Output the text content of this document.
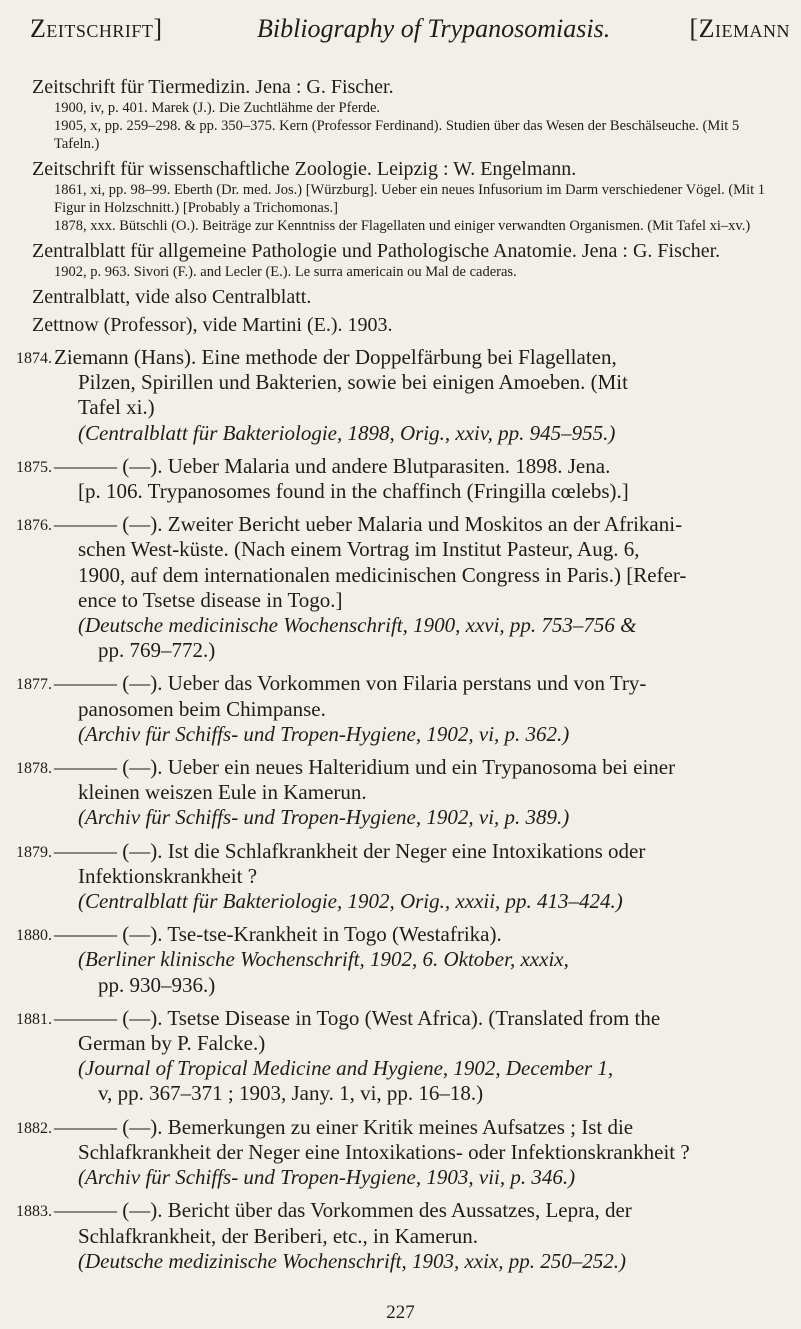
Zeitschrift]	Bibliography of Trypanosomiasis.	[Ziemann
Zeitschrift für Tiermedizin. Jena : G. Fischer.
1900, iv, p. 401. Marek (J.). Die Zuchtlähme der Pferde.
1905, x, pp. 259–298. & pp. 350–375. Kern (Professor Ferdinand). Studien über das Wesen der Beschälseuche. (Mit 5 Tafeln.)
Zeitschrift für wissenschaftliche Zoologie. Leipzig : W. Engelmann.
1861, xi, pp. 98–99. Eberth (Dr. med. Jos.) [Würzburg]. Ueber ein neues Infusorium im Darm verschiedener Vögel. (Mit 1 Figur in Holzschnitt.) [Probably a Trichomonas.]
1878, xxx. Bütschli (O.). Beiträge zur Kenntniss der Flagellaten und einiger verwandten Organismen. (Mit Tafel xi–xv.)
Zentralblatt für allgemeine Pathologie und Pathologische Anatomie. Jena : G. Fischer.
1902, p. 963. Sivori (F.). and Lecler (E.). Le surra americain ou Mal de caderas.
Zentralblatt, vide also Centralblatt.
Zettnow (Professor), vide Martini (E.). 1903.
1874. Ziemann (Hans). Eine methode der Doppelfärbung bei Flagellaten,
Pilzen, Spirillen und Bakterien, sowie bei einigen Amoeben. (Mit
Tafel xi.)
(Centralblatt für Bakteriologie, 1898, Orig., xxiv, pp. 945–955.)
1875. ——— (—). Ueber Malaria und andere Blutparasiten. 1898. Jena.
[p. 106. Trypanosomes found in the chaffinch (Fringilla cœlebs).]
1876. ——— (—). Zweiter Bericht ueber Malaria und Moskitos an der Afrikani-
schen West-küste. (Nach einem Vortrag im Institut Pasteur, Aug. 6,
1900, auf dem internationalen medicinischen Congress in Paris.) [Refer-
ence to Tsetse disease in Togo.]
(Deutsche medicinische Wochenschrift, 1900, xxvi, pp. 753–756 &
pp. 769–772.)
1877. ——— (—). Ueber das Vorkommen von Filaria perstans und von Try-
panosomen beim Chimpanse.
(Archiv für Schiffs- und Tropen-Hygiene, 1902, vi, p. 362.)
1878. ——— (—). Ueber ein neues Halteridium und ein Trypanosoma bei einer
kleinen weiszen Eule in Kamerun.
(Archiv für Schiffs- und Tropen-Hygiene, 1902, vi, p. 389.)
1879. ——— (—). Ist die Schlafkrankheit der Neger eine Intoxikations oder
Infektionskrankheit ?
(Centralblatt für Bakteriologie, 1902, Orig., xxxii, pp. 413–424.)
1880. ——— (—). Tse-tse-Krankheit in Togo (Westafrika).
(Berliner klinische Wochenschrift, 1902, 6. Oktober, xxxix,
pp. 930–936.)
1881. ——— (—). Tsetse Disease in Togo (West Africa). (Translated from the
German by P. Falcke.)
(Journal of Tropical Medicine and Hygiene, 1902, December 1,
v, pp. 367–371 ; 1903, Jany. 1, vi, pp. 16–18.)
1882. ——— (—). Bemerkungen zu einer Kritik meines Aufsatzes ; Ist die
Schlafkrankheit der Neger eine Intoxikations- oder Infektionskrankheit ?
(Archiv für Schiffs- und Tropen-Hygiene, 1903, vii, p. 346.)
1883. ——— (—). Bericht über das Vorkommen des Aussatzes, Lepra, der
Schlafkrankheit, der Beriberi, etc., in Kamerun.
(Deutsche medizinische Wochenschrift, 1903, xxix, pp. 250–252.)
227
